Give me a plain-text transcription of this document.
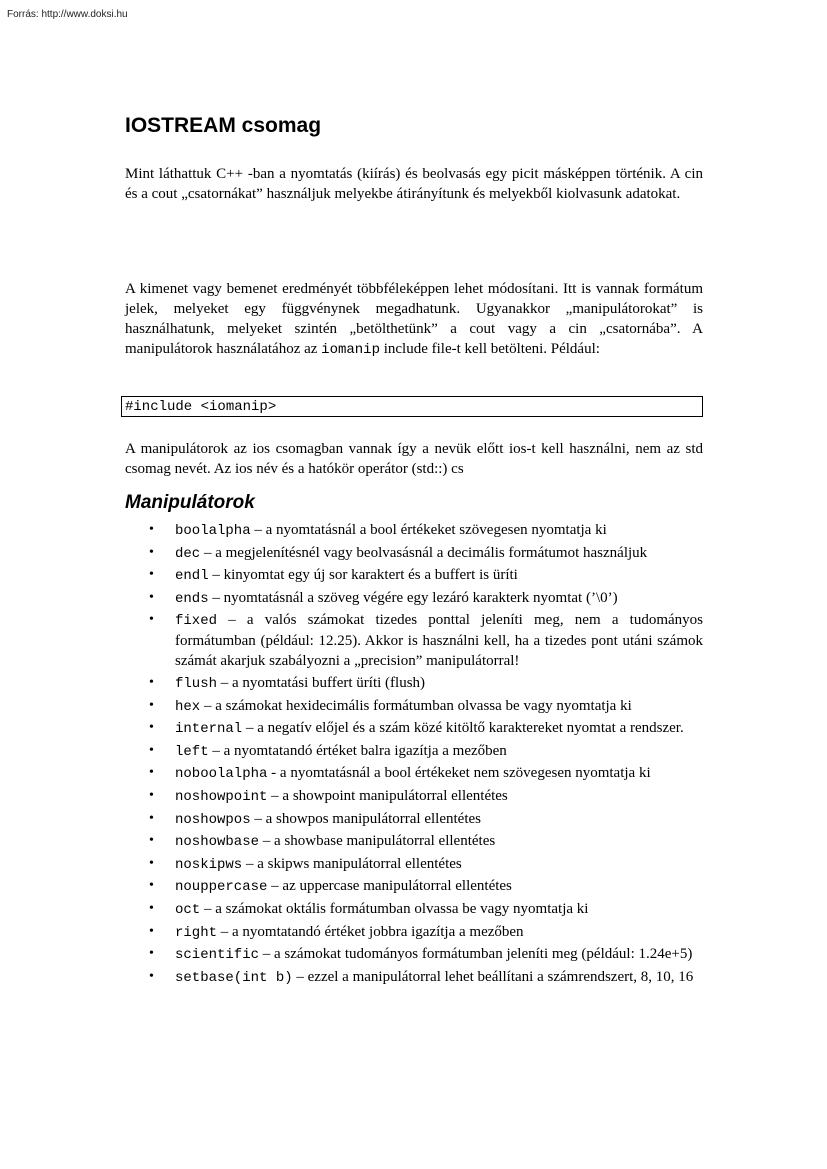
Forrás: http://www.doksi.hu
IOSTREAM csomag

Mint láthattuk C++ -ban a nyomtatás (kiírás) és beolvasás egy picit másképpen történik. A cin és a cout „csatornákat” használjuk melyekbe átirányítunk és melyekből kiolvasunk adatokat.

A kimenet vagy bemenet eredményét többféleképpen lehet módosítani. Itt is vannak formátum jelek, melyeket egy függvénynek megadhatunk. Ugyanakkor „manipulátorokat” is használhatunk, melyeket szintén „betölthetünk” a cout vagy a cin „csatornába”. A manipulátorok használatához az iomanip include file-t kell betölteni. Például:

#include <iomanip>

A manipulátorok az ios csomagban vannak így a nevük előtt ios-t kell használni, nem az std csomag nevét. Az ios név és a hatókör operátor (std::) cs

Manipulátorok
• boolalpha – a nyomtatásnál a bool értékeket szövegesen nyomtatja ki
• dec – a megjelenítésnél vagy beolvasásnál a decimális formátumot használjuk
• endl – kinyomtat egy új sor karaktert és a buffert is üríti
• ends – nyomtatásnál a szöveg végére egy lezáró karakterk nyomtat (’\0’)
• fixed – a valós számokat tizedes ponttal jeleníti meg, nem a tudományos formátumban (például: 12.25). Akkor is használni kell, ha a tizedes pont utáni számok számát akarjuk szabályozni a „precision” manipulátorral!
• flush – a nyomtatási buffert üríti (flush)
• hex – a számokat hexidecimális formátumban olvassa be vagy nyomtatja ki
• internal – a negatív előjel és a szám közé kitöltő karaktereket nyomtat a rendszer.
• left – a nyomtatandó értéket balra igazítja a mezőben
• noboolalpha - a nyomtatásnál a bool értékeket nem szövegesen nyomtatja ki
• noshowpoint – a showpoint manipulátorral ellentétes
• noshowpos – a showpos manipulátorral ellentétes
• noshowbase – a showbase manipulátorral ellentétes
• noskipws – a skipws manipulátorral ellentétes
• nouppercase – az uppercase manipulátorral ellentétes
• oct – a számokat oktális formátumban olvassa be vagy nyomtatja ki
• right – a nyomtatandó értéket jobbra igazítja a mezőben
• scientific – a számokat tudományos formátumban jeleníti meg (például: 1.24e+5)
• setbase(int b) – ezzel a manipulátorral lehet beállítani a számrendszert, 8, 10, 16
